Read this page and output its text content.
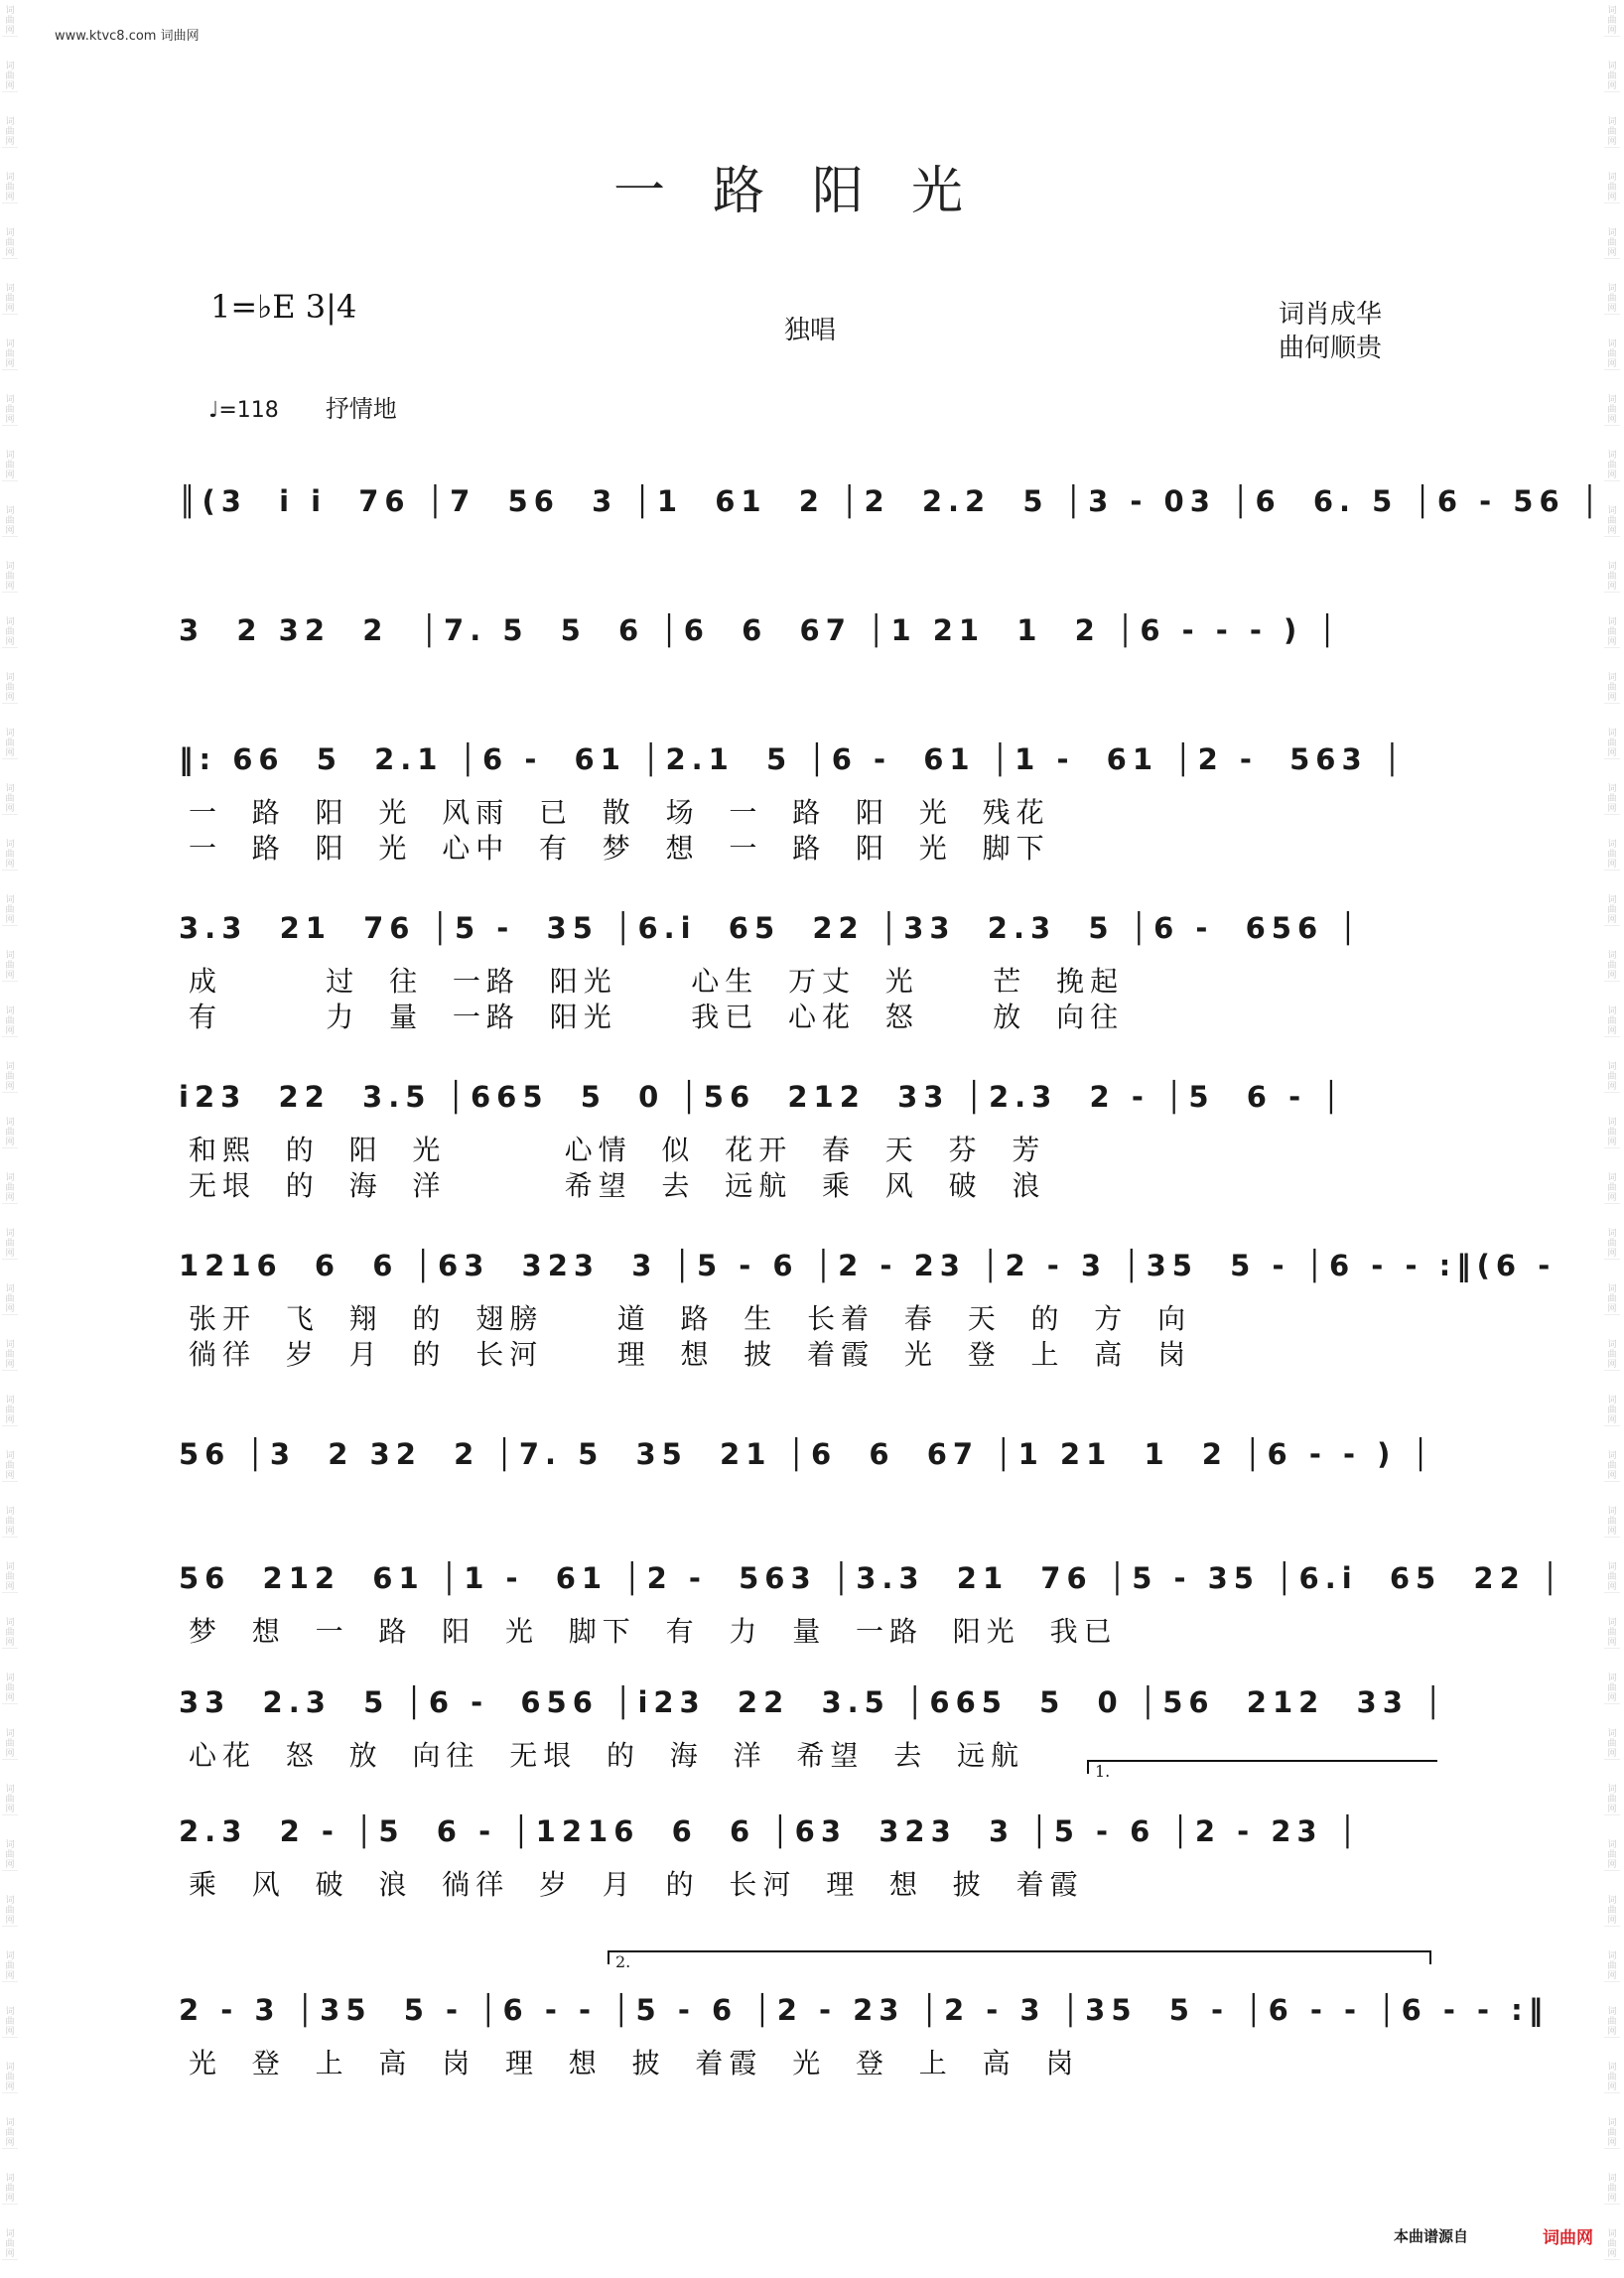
词
曲
网
词
曲
网
词
曲
网
词
曲
网
词
曲
网
词
曲
网
词
曲
网
词
曲
网
词
曲
网
词
曲
网
词
曲
网
词
曲
网
词
曲
网
词
曲
网
词
曲
网
词
曲
网
词
曲
网
词
曲
网
词
曲
网
词
曲
网
词
曲
网
词
曲
网
词
曲
网
词
曲
网
词
曲
网
词
曲
网
词
曲
网
词
曲
网
词
曲
网
词
曲
网
词
曲
网
词
曲
网
词
曲
网
词
曲
网
词
曲
网
词
曲
网
词
曲
网
词
曲
网
词
曲
网
词
曲
网
词
曲
网
词
曲
网
词
曲
网
词
曲
网
词
曲
网
词
曲
网
词
曲
网
词
曲
网
词
曲
网
词
曲
网
词
曲
网
词
曲
网
词
曲
网
词
曲
网
词
曲
网
词
曲
网
词
曲
网
词
曲
网
词
曲
网
词
曲
网
词
曲
网
词
曲
网
词
曲
网
词
曲
网
词
曲
网
词
曲
网
词
曲
网
词
曲
网
词
曲
网
词
曲
网
词
曲
网
词
曲
网
词
曲
网
词
曲
网
词
曲
网
词
曲
网
词
曲
网
词
曲
网
词
曲
网
词
曲
网
词
曲
网
词
曲
网
www.ktvc8.com 词曲网
一路阳光
1=♭E 3|4
独唱
词肖成华
曲何顺贵
♩=118 抒情地
║(3  i i  76 │7  56  3 │1  61  2 │2  2.2  5 │3 - 03 │6  6. 5 │6 - 56 │
3  2 32  2  │7. 5  5  6 │6  6  67 │1 21  1  2 │6 - - - ) │
‖: 66  5  2.1 │6 -  61 │2.1  5 │6 -  61 │1 -  61 │2 -  563 │
一  路  阳  光  风雨  已  散  场  一  路  阳  光  残花
一  路  阳  光  心中  有  梦  想  一  路  阳  光  脚下
3.3  21  76 │5 -  35 │6.i  65  22 │33  2.3  5 │6 -  656 │
成       过  往  一路  阳光     心生  万丈  光     芒  挽起
有       力  量  一路  阳光     我已  心花  怒     放  向往
i23  22  3.5 │665  5  0 │56  212  33 │2.3  2 - │5  6 - │
和熙  的  阳  光        心情  似  花开  春  天  芬  芳
无垠  的  海  洋        希望  去  远航  乘  风  破  浪
1216  6  6 │63  323  3 │5 - 6 │2 - 23 │2 - 3 │35  5 - │6 - - :‖(6 -
张开  飞  翔  的  翅膀     道  路  生  长着  春  天  的  方  向
徜徉  岁  月  的  长河     理  想  披  着霞  光  登  上  高  岗
56 │3  2 32  2 │7. 5  35  21 │6  6  67 │1 21  1  2 │6 - - ) │
56  212  61 │1 -  61 │2 -  563 │3.3  21  76 │5 - 35 │6.i  65  22 │
梦  想  一  路  阳  光  脚下  有  力  量  一路  阳光  我已
33  2.3  5 │6 -  656 │i23  22  3.5 │665  5  0 │56  212  33 │
心花  怒  放  向往  无垠  的  海  洋  希望  去  远航
2.3  2 - │5  6 - │1216  6  6 │63  323  3 │5 - 6 │2 - 23 │
1.
乘  风  破  浪  徜徉  岁  月  的  长河  理  想  披  着霞
2 - 3 │35  5 - │6 - - │5 - 6 │2 - 23 │2 - 3 │35  5 - │6 - - │6 - - :‖
2.
光  登  上  高  岗  理  想  披  着霞  光  登  上  高  岗
本曲谱源自	词曲网
